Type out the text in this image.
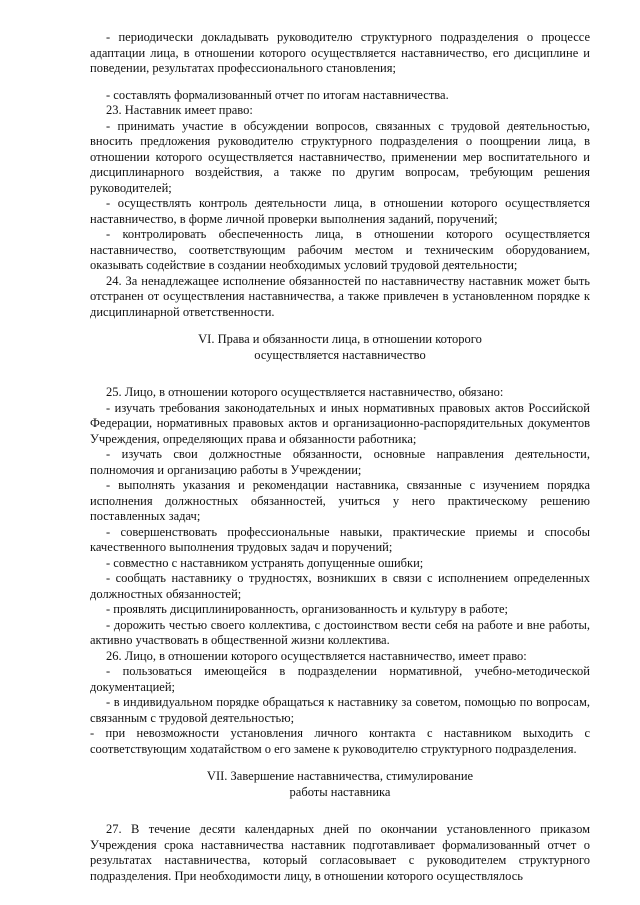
- периодически докладывать руководителю структурного подразделения о процессе адаптации лица, в отношении которого осуществляется наставничество, его дисциплине и поведении, результатах профессионального становления;

- составлять формализованный отчет по итогам наставничества.

23. Наставник имеет право:

- принимать участие в обсуждении вопросов, связанных с трудовой деятельностью, вносить предложения руководителю структурного подразделения о поощрении лица, в отношении которого осуществляется наставничество, применении мер воспитательного и дисциплинарного воздействия, а также по другим вопросам, требующим решения руководителей;

- осуществлять контроль деятельности лица, в отношении которого осуществляется наставничество, в форме личной проверки выполнения заданий, поручений;

- контролировать обеспеченность лица, в отношении которого осуществляется наставничество, соответствующим рабочим местом и техническим оборудованием, оказывать содействие в создании необходимых условий трудовой деятельности;

24. За ненадлежащее исполнение обязанностей по наставничеству наставник может быть отстранен от осуществления наставничества, а также привлечен в установленном порядке к дисциплинарной ответственности.

VI. Права и обязанности лица, в отношении которого
осуществляется наставничество

25. Лицо, в отношении которого осуществляется наставничество, обязано:

- изучать требования законодательных и иных нормативных правовых актов Российской Федерации, нормативных правовых актов и организационно-распорядительных документов Учреждения, определяющих права и обязанности работника;

- изучать свои должностные обязанности, основные направления деятельности, полномочия и организацию работы в Учреждении;

- выполнять указания и рекомендации наставника, связанные с изучением порядка исполнения должностных обязанностей, учиться у него практическому решению поставленных задач;

- совершенствовать профессиональные навыки, практические приемы и способы качественного выполнения трудовых задач и поручений;

- совместно с наставником устранять допущенные ошибки;

- сообщать наставнику о трудностях, возникших в связи с исполнением определенных должностных обязанностей;

- проявлять дисциплинированность, организованность и культуру в работе;

- дорожить честью своего коллектива, с достоинством вести себя на работе и вне работы, активно участвовать в общественной жизни коллектива.

26. Лицо, в отношении которого осуществляется наставничество, имеет право:

- пользоваться имеющейся в подразделении нормативной, учебно-методической документацией;

- в индивидуальном порядке обращаться к наставнику за советом, помощью по вопросам, связанным с трудовой деятельностью;

- при невозможности установления личного контакта с наставником выходить с соответствующим ходатайством о его замене к руководителю структурного подразделения.

VII. Завершение наставничества, стимулирование
работы наставника

27. В течение десяти календарных дней по окончании установленного приказом Учреждения срока наставничества наставник подготавливает формализованный отчет о результатах наставничества, который согласовывает с руководителем структурного подразделения. При необходимости лицу, в отношении которого осуществлялось
